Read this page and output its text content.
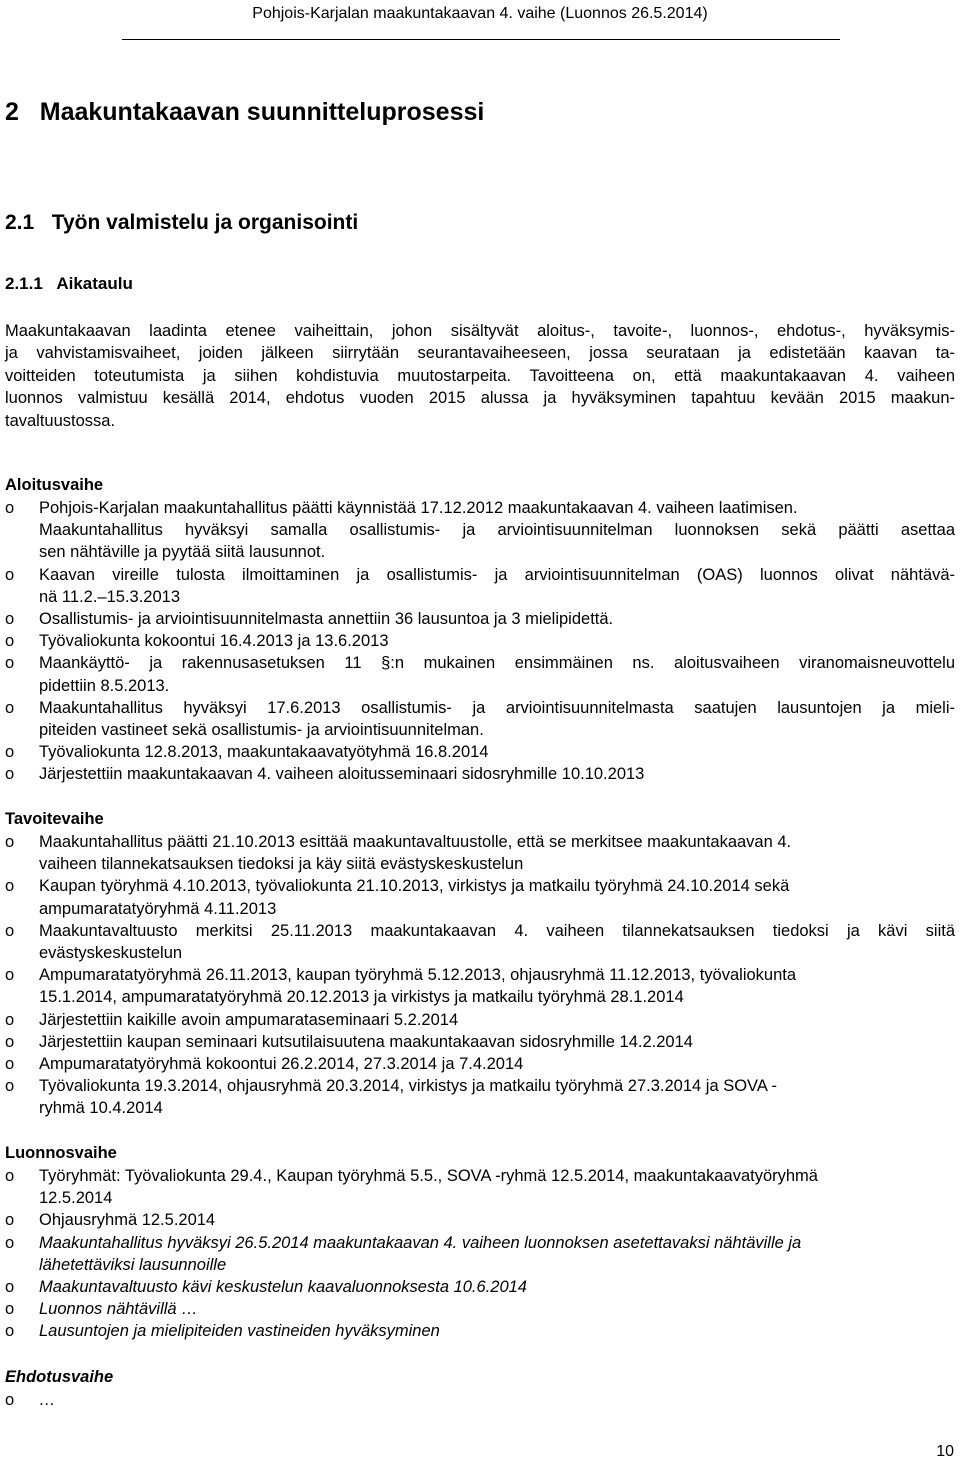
Pohjois-Karjalan maakuntakaavan 4. vaihe (Luonnos 26.5.2014)
2   Maakuntakaavan suunnitteluprosessi
2.1   Työn valmistelu ja organisointi
2.1.1   Aikataulu
Maakuntakaavan laadinta etenee vaiheittain, johon sisältyvät aloitus-, tavoite-, luonnos-, ehdotus-, hyväksymis-
ja vahvistamisvaiheet, joiden jälkeen siirrytään seurantavaiheeseen, jossa seurataan ja edistetään kaavan ta-
voitteiden toteutumista ja siihen kohdistuvia muutostarpeita. Tavoitteena on, että maakuntakaavan 4. vaiheen
luonnos valmistuu kesällä 2014, ehdotus vuoden 2015 alussa ja hyväksyminen tapahtuu kevään 2015 maakun-
tavaltuustossa.
Aloitusvaihe
o Pohjois-Karjalan maakuntahallitus päätti käynnistää 17.12.2012 maakuntakaavan 4. vaiheen laatimisen.
Maakuntahallitus hyväksyi samalla osallistumis- ja arviointisuunnitelman luonnoksen sekä päätti asettaa
sen nähtäville ja pyytää siitä lausunnot.
o Kaavan vireille tulosta ilmoittaminen ja osallistumis- ja arviointisuunnitelman (OAS) luonnos olivat nähtävä-
nä 11.2.–15.3.2013
o Osallistumis- ja arviointisuunnitelmasta annettiin 36 lausuntoa ja 3 mielipidettä.
o Työvaliokunta kokoontui 16.4.2013 ja 13.6.2013
o Maankäyttö- ja rakennusasetuksen 11 §:n mukainen ensimmäinen ns. aloitusvaiheen viranomaisneuvottelu
pidettiin 8.5.2013.
o Maakuntahallitus hyväksyi 17.6.2013 osallistumis- ja arviointisuunnitelmasta saatujen lausuntojen ja mieli-
piteiden vastineet sekä osallistumis- ja arviointisuunnitelman.
o Työvaliokunta 12.8.2013, maakuntakaavatyötyhmä 16.8.2014
o Järjestettiin maakuntakaavan 4. vaiheen aloitusseminaari sidosryhmille 10.10.2013
Tavoitevaihe
o Maakuntahallitus päätti 21.10.2013 esittää maakuntavaltuustolle, että se merkitsee maakuntakaavan 4.
vaiheen tilannekatsauksen tiedoksi ja käy siitä evästyskeskustelun
o Kaupan työryhmä 4.10.2013, työvaliokunta 21.10.2013, virkistys ja matkailu työryhmä 24.10.2014 sekä
ampumaratatyöryhmä 4.11.2013
o Maakuntavaltuusto merkitsi 25.11.2013 maakuntakaavan 4. vaiheen tilannekatsauksen tiedoksi ja kävi siitä
evästyskeskustelun
o Ampumaratatyöryhmä 26.11.2013, kaupan työryhmä 5.12.2013, ohjausryhmä 11.12.2013, työvaliokunta
15.1.2014, ampumaratatyöryhmä 20.12.2013 ja virkistys ja matkailu työryhmä 28.1.2014
o Järjestettiin kaikille avoin ampumarataseminaari 5.2.2014
o Järjestettiin kaupan seminaari kutsutilaisuutena maakuntakaavan sidosryhmille 14.2.2014
o Ampumaratatyöryhmä kokoontui 26.2.2014, 27.3.2014 ja 7.4.2014
o Työvaliokunta 19.3.2014, ohjausryhmä 20.3.2014, virkistys ja matkailu työryhmä 27.3.2014 ja SOVA -
ryhmä 10.4.2014
Luonnosvaihe
o Työryhmät: Työvaliokunta 29.4., Kaupan työryhmä 5.5., SOVA -ryhmä 12.5.2014, maakuntakaavatyöryhmä
12.5.2014
o Ohjausryhmä 12.5.2014
o Maakuntahallitus hyväksyi 26.5.2014 maakuntakaavan 4. vaiheen luonnoksen asetettavaksi nähtäville ja
lähetettäviksi lausunnoille
o Maakuntavaltuusto kävi keskustelun kaavaluonnoksesta 10.6.2014
o Luonnos nähtävillä …
o Lausuntojen ja mielipiteiden vastineiden hyväksyminen
Ehdotusvaihe
o …
10
